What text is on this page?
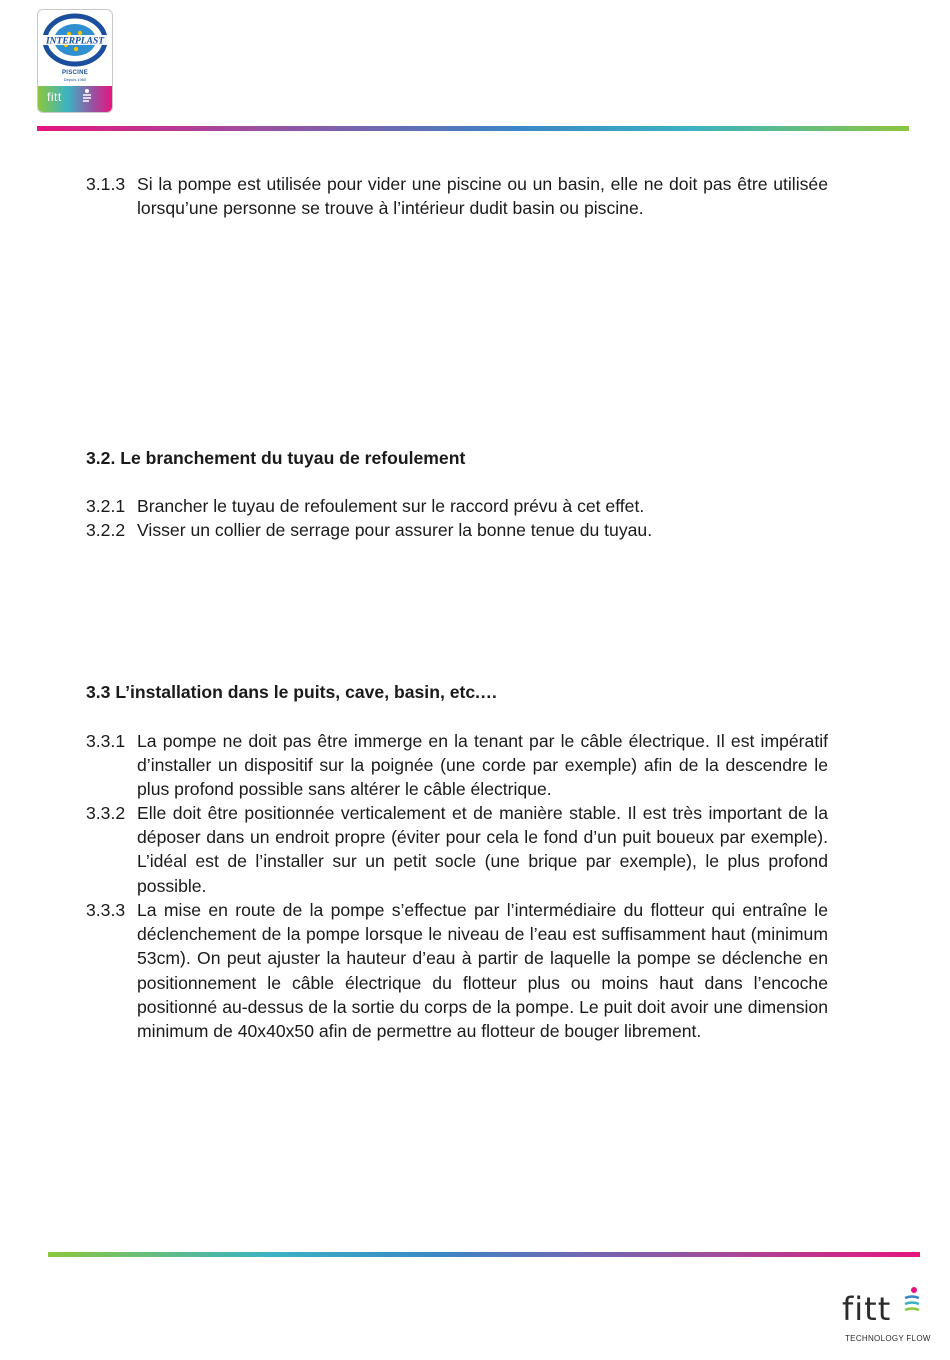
INTERPLAST
PISCINE
Depuis 1960
fitt
3.1.3 Si la pompe est utilisée pour vider une piscine ou un basin, elle ne doit pas être utilisée lorsqu’une personne se trouve à l’intérieur dudit basin ou piscine.
3.2. Le branchement du tuyau de refoulement
3.2.1 Brancher le tuyau de refoulement sur le raccord prévu à cet effet.
3.2.2 Visser un collier de serrage pour assurer la bonne tenue du tuyau.
3.3 L’installation dans le puits, cave, basin, etc.…
3.3.1 La pompe ne doit pas être immerge en la tenant par le câble électrique. Il est impératif d’installer un dispositif sur la poignée (une corde par exemple) afin de la descendre le plus profond possible sans altérer le câble électrique.
3.3.2 Elle doit être positionnée verticalement et de manière stable. Il est très important de la déposer dans un endroit propre (éviter pour cela le fond d’un puit boueux par exemple). L’idéal est de l’installer sur un petit socle (une brique par exemple), le plus profond possible.
3.3.3 La mise en route de la pompe s’effectue par l’intermédiaire du flotteur qui entraîne le déclenchement de la pompe lorsque le niveau de l’eau est suffisamment haut (minimum 53cm). On peut ajuster la hauteur d’eau à partir de laquelle la pompe se déclenche en positionnement le câble électrique du flotteur plus ou moins haut dans l’encoche positionné au-dessus de la sortie du corps de la pompe. Le puit doit avoir une dimension minimum de 40x40x50 afin de permettre au flotteur de bouger librement.
fitt
TECHNOLOGY FLOW
